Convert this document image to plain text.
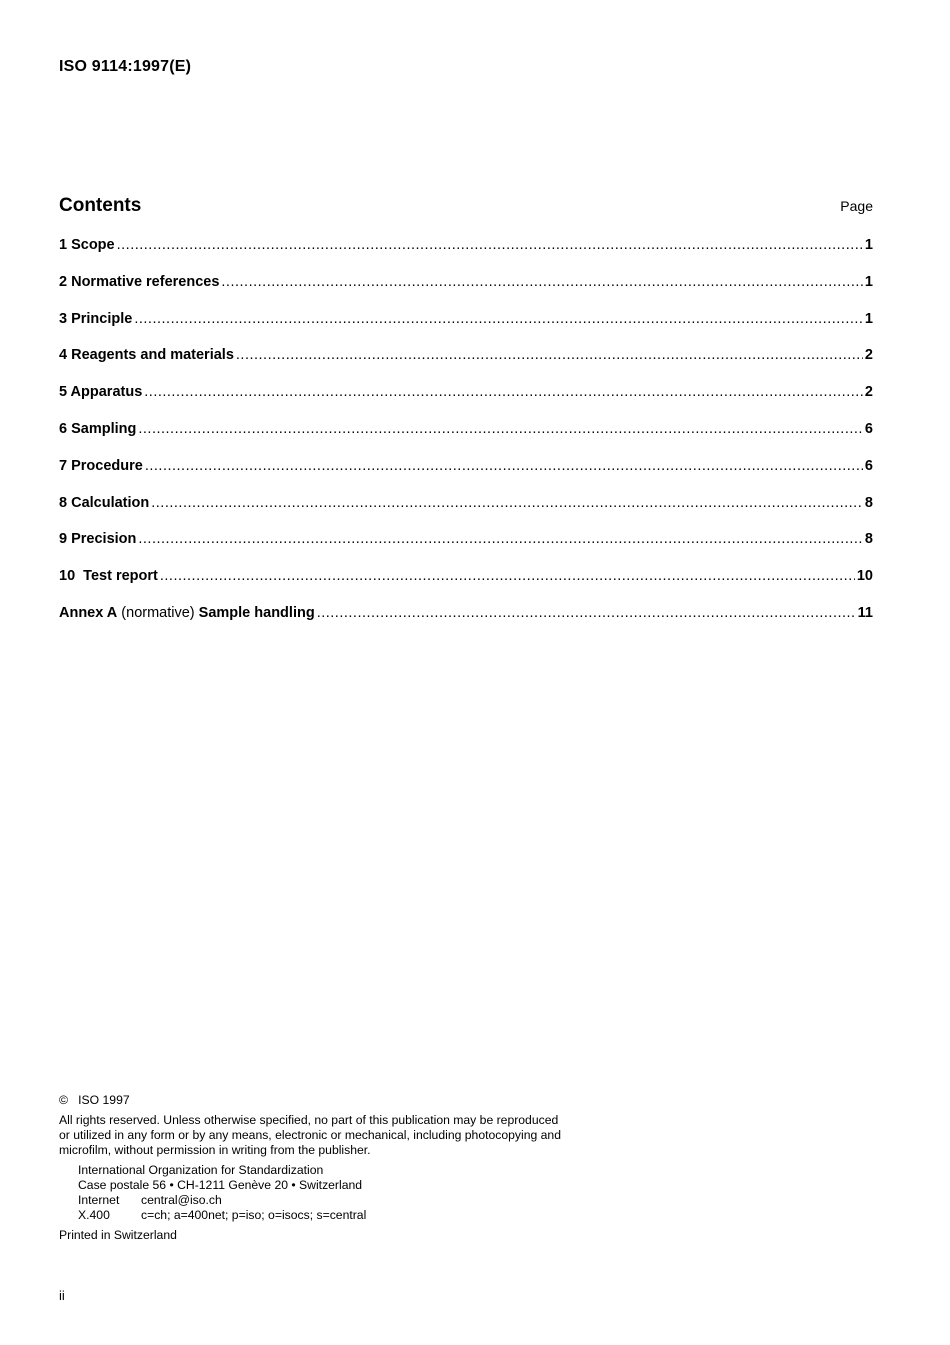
ISO 9114:1997(E)
Contents	Page
1 Scope .....	1
2 Normative references .....	1
3 Principle .....	1
4 Reagents and materials .....	2
5 Apparatus .....	2
6 Sampling .....	6
7 Procedure .....	6
8 Calculation .....	8
9 Precision .....	8
10  Test report .....	10
Annex A (normative) Sample handling .....	11

©   ISO 1997

All rights reserved. Unless otherwise specified, no part of this publication may be reproduced

or utilized in any form or by any means, electronic or mechanical, including photocopying and

microfilm, without permission in writing from the publisher.

International Organization for Standardization

Case postale 56 • CH-1211 Genève 20 • Switzerland

Internet	central@iso.ch
X.400	c=ch; a=400net; p=iso; o=isocs; s=central

Printed in Switzerland

ii
